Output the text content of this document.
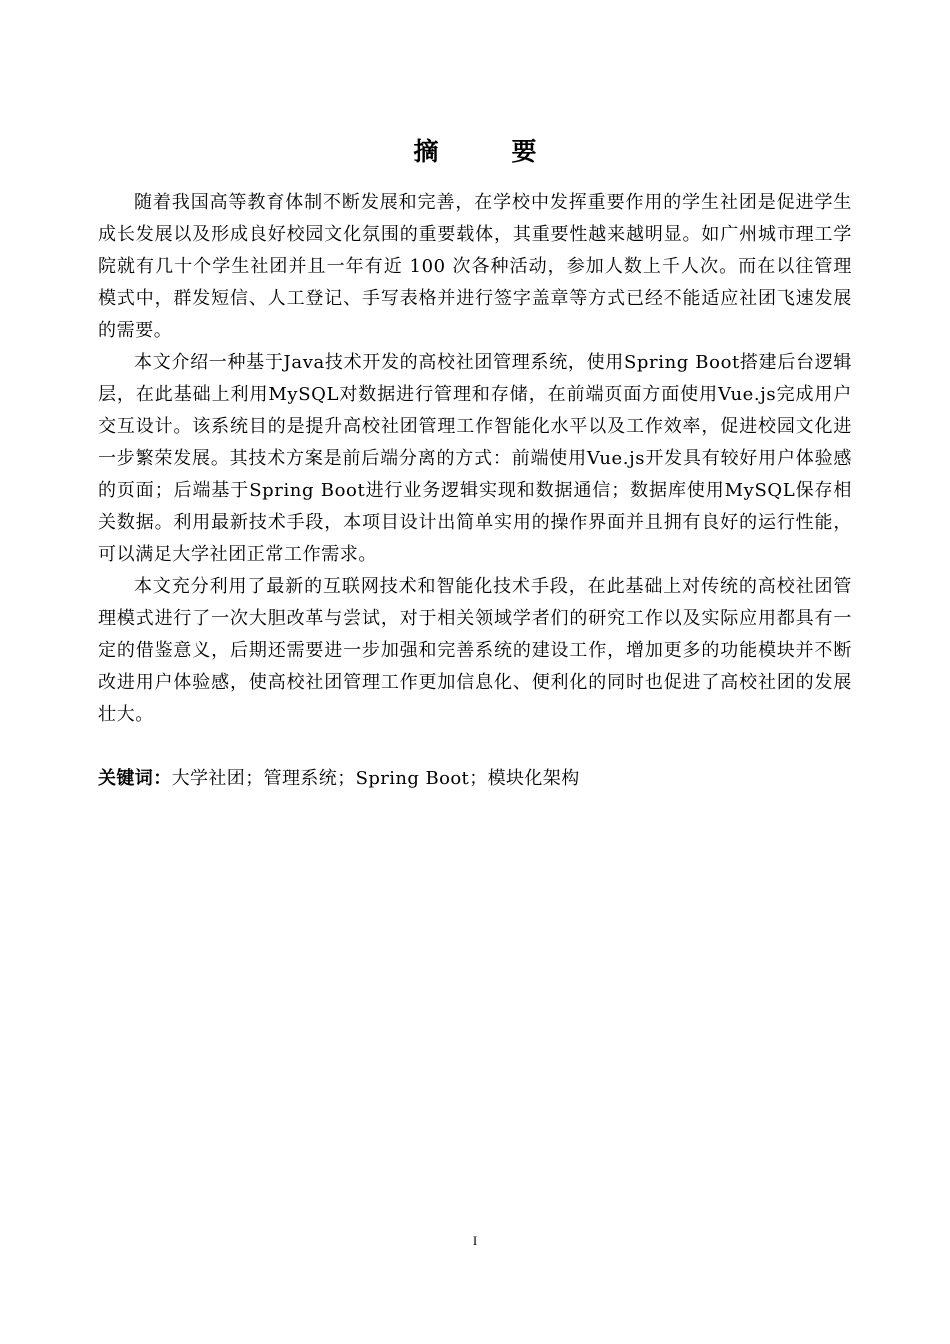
摘　要

随着我国高等教育体制不断发展和完善，在学校中发挥重要作用的学生社团是促进学生成长发展以及形成良好校园文化氛围的重要载体，其重要性越来越明显。如广州城市理工学院就有几十个学生社团并且一年有近 100 次各种活动，参加人数上千人次。而在以往管理模式中，群发短信、人工登记、手写表格并进行签字盖章等方式已经不能适应社团飞速发展的需要。

本文介绍一种基于Java技术开发的高校社团管理系统，使用Spring Boot搭建后台逻辑层，在此基础上利用MySQL对数据进行管理和存储，在前端页面方面使用Vue.js完成用户交互设计。该系统目的是提升高校社团管理工作智能化水平以及工作效率，促进校园文化进一步繁荣发展。其技术方案是前后端分离的方式：前端使用Vue.js开发具有较好用户体验感的页面；后端基于Spring Boot进行业务逻辑实现和数据通信；数据库使用MySQL保存相关数据。利用最新技术手段，本项目设计出简单实用的操作界面并且拥有良好的运行性能，可以满足大学社团正常工作需求。

本文充分利用了最新的互联网技术和智能化技术手段，在此基础上对传统的高校社团管理模式进行了一次大胆改革与尝试，对于相关领域学者们的研究工作以及实际应用都具有一定的借鉴意义，后期还需要进一步加强和完善系统的建设工作，增加更多的功能模块并不断改进用户体验感，使高校社团管理工作更加信息化、便利化的同时也促进了高校社团的发展壮大。

关键词：大学社团；管理系统；Spring Boot；模块化架构
I
